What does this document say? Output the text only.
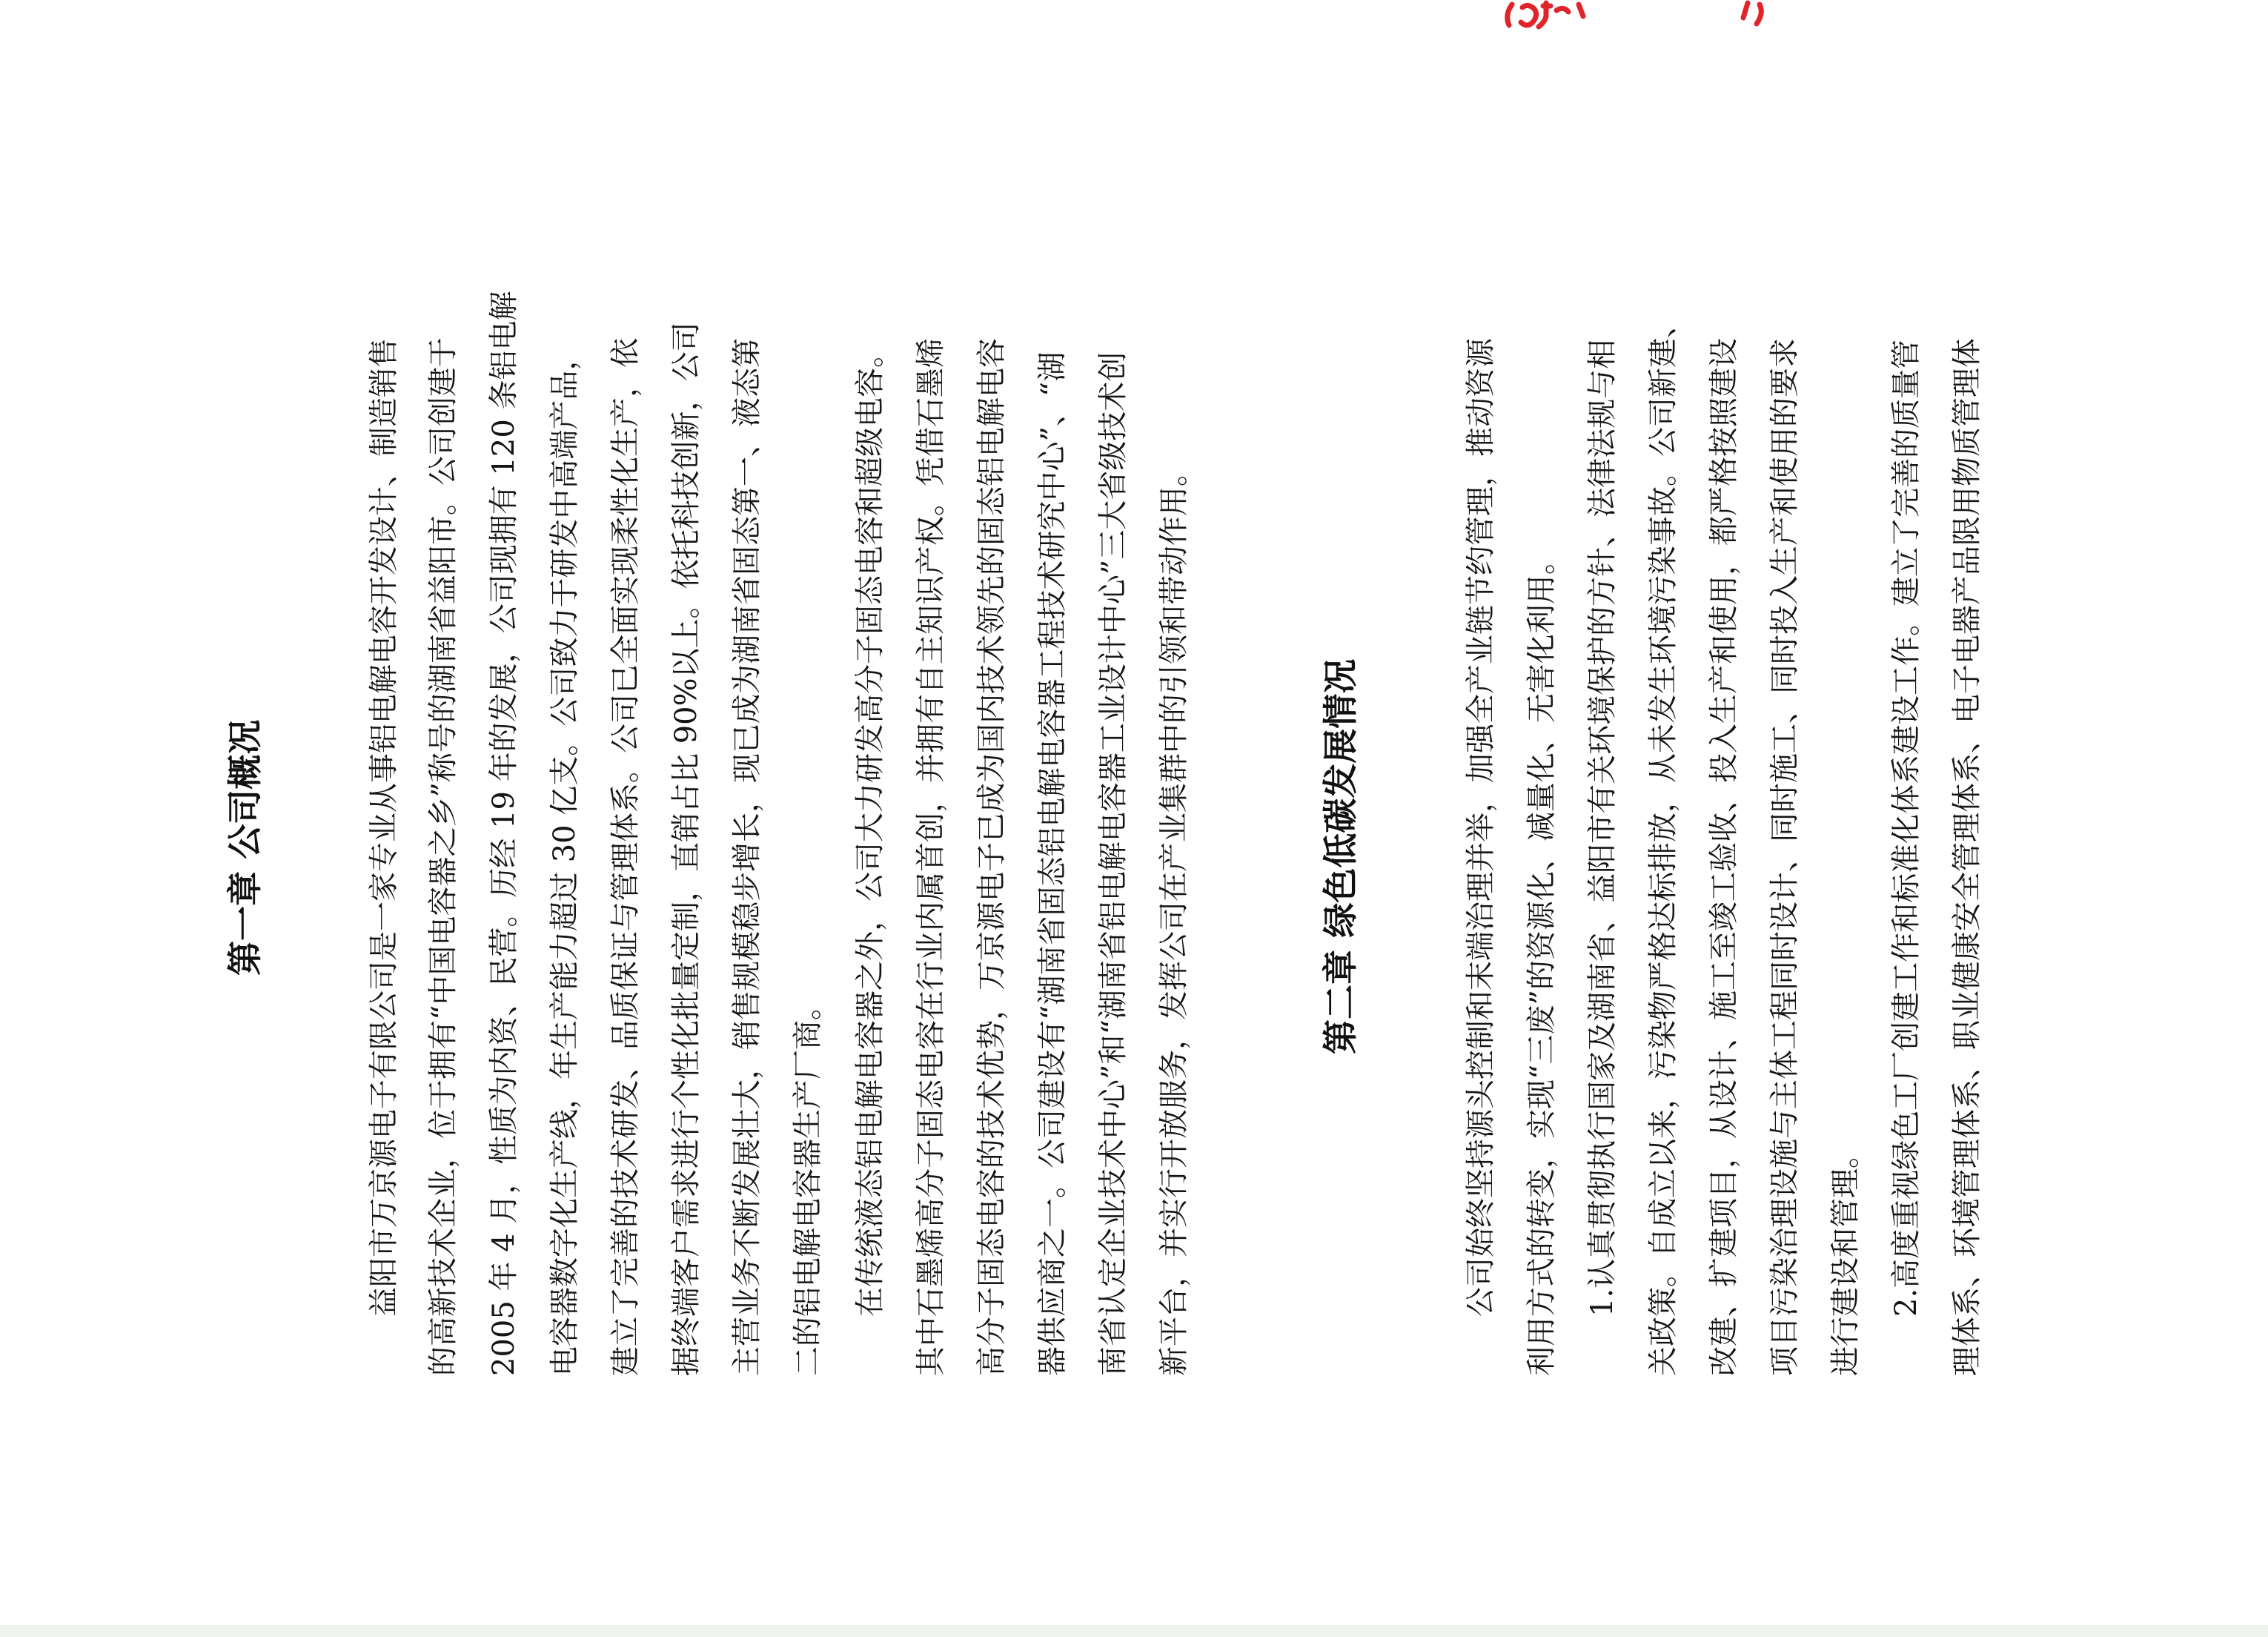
第一章 公司概况	益阳市万京源电子有限公司是一家专业从事铝电解电容开发设计、制造销售 的高新技术企业，位于拥有“中国电容器之乡”称号的湖南省益阳市。公司创建于 2005 年 4 月，性质为内资、民营。历经 19 年的发展，公司现拥有 120 条铝电解 电容器数字化生产线，年生产能力超过 30 亿支。公司致力于研发中高端产品， 建立了完善的技术研发、品质保证与管理体系。公司已全面实现柔性化生产，依 据终端客户需求进行个性化批量定制，直销占比 90%以上。依托科技创新，公司 主营业务不断发展壮大，销售规模稳步增长，现已成为湖南省固态第一、液态第 二的铝电解电容器生产厂商。 在传统液态铝电解电容器之外，公司大力研发高分子固态电容和超级电容。 其中石墨烯高分子固态电容在行业内属首创，并拥有自主知识产权。凭借石墨烯 高分子固态电容的技术优势，万京源电子已成为国内技术领先的固态铝电解电容 器供应商之一。公司建设有“湖南省固态铝电解电容器工程技术研究中心”、“湖 南省认定企业技术中心”和“湖南省铝电解电容器工业设计中心”三大省级技术创 新平台，并实行开放服务，发挥公司在产业集群中的引领和带动作用。	第二章 绿色低碳发展情况	公司始终坚持源头控制和末端治理并举，加强全产业链节约管理，推动资源 利用方式的转变，实现“三废”的资源化、减量化、无害化利用。 1.认真贯彻执行国家及湖南省、益阳市有关环境保护的方针、法律法规与相 关政策。自成立以来，污染物严格达标排放，从未发生环境污染事故。公司新建、 改建、扩建项目，从设计、施工至竣工验收、投入生产和使用，都严格按照建设 项目污染治理设施与主体工程同时设计、同时施工、同时投入生产和使用的要求 进行建设和管理。 2.高度重视绿色工厂创建工作和标准化体系建设工作。建立了完善的质量管 理体系、环境管理体系、职业健康安全管理体系、电子电器产品限用物质管理体
